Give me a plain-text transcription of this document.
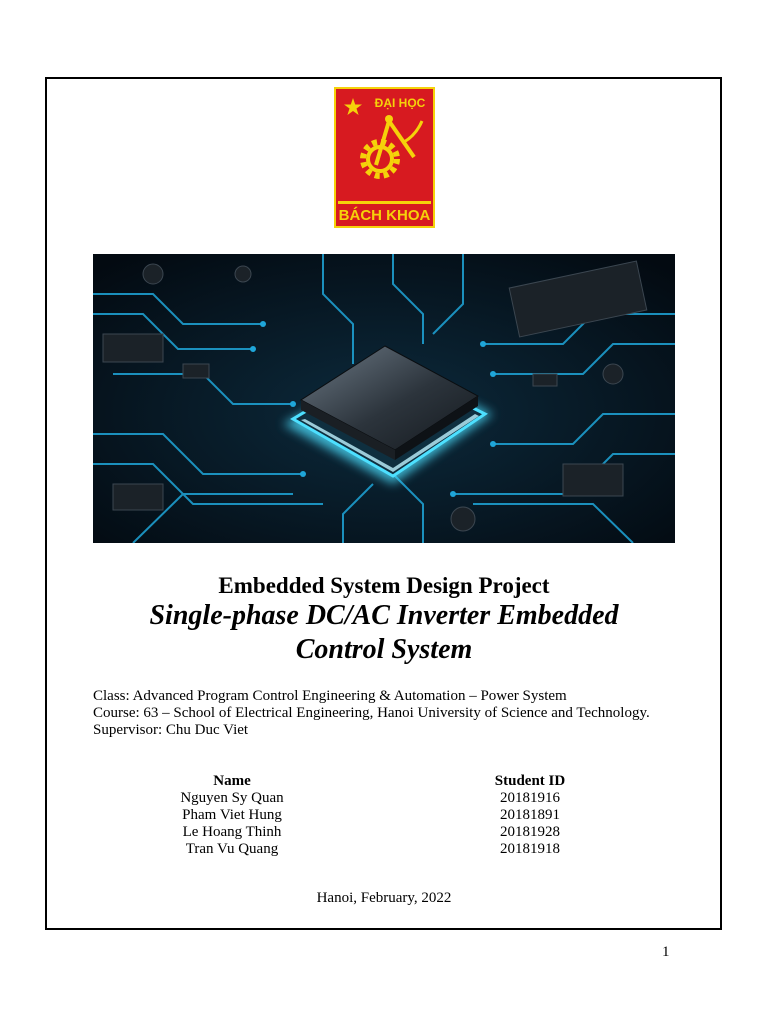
ĐẠI HỌC
BÁCH KHOA
Embedded System Design Project
Single-phase DC/AC Inverter Embedded
Control System
Class: Advanced Program Control Engineering & Automation – Power System
Course: 63 – School of Electrical Engineering, Hanoi University of Science and Technology.
Supervisor: Chu Duc Viet
Name
Nguyen Sy Quan
Pham Viet Hung
Le Hoang Thinh
Tran Vu Quang
Student ID
20181916
20181891
20181928
20181918
Hanoi, February, 2022
1
